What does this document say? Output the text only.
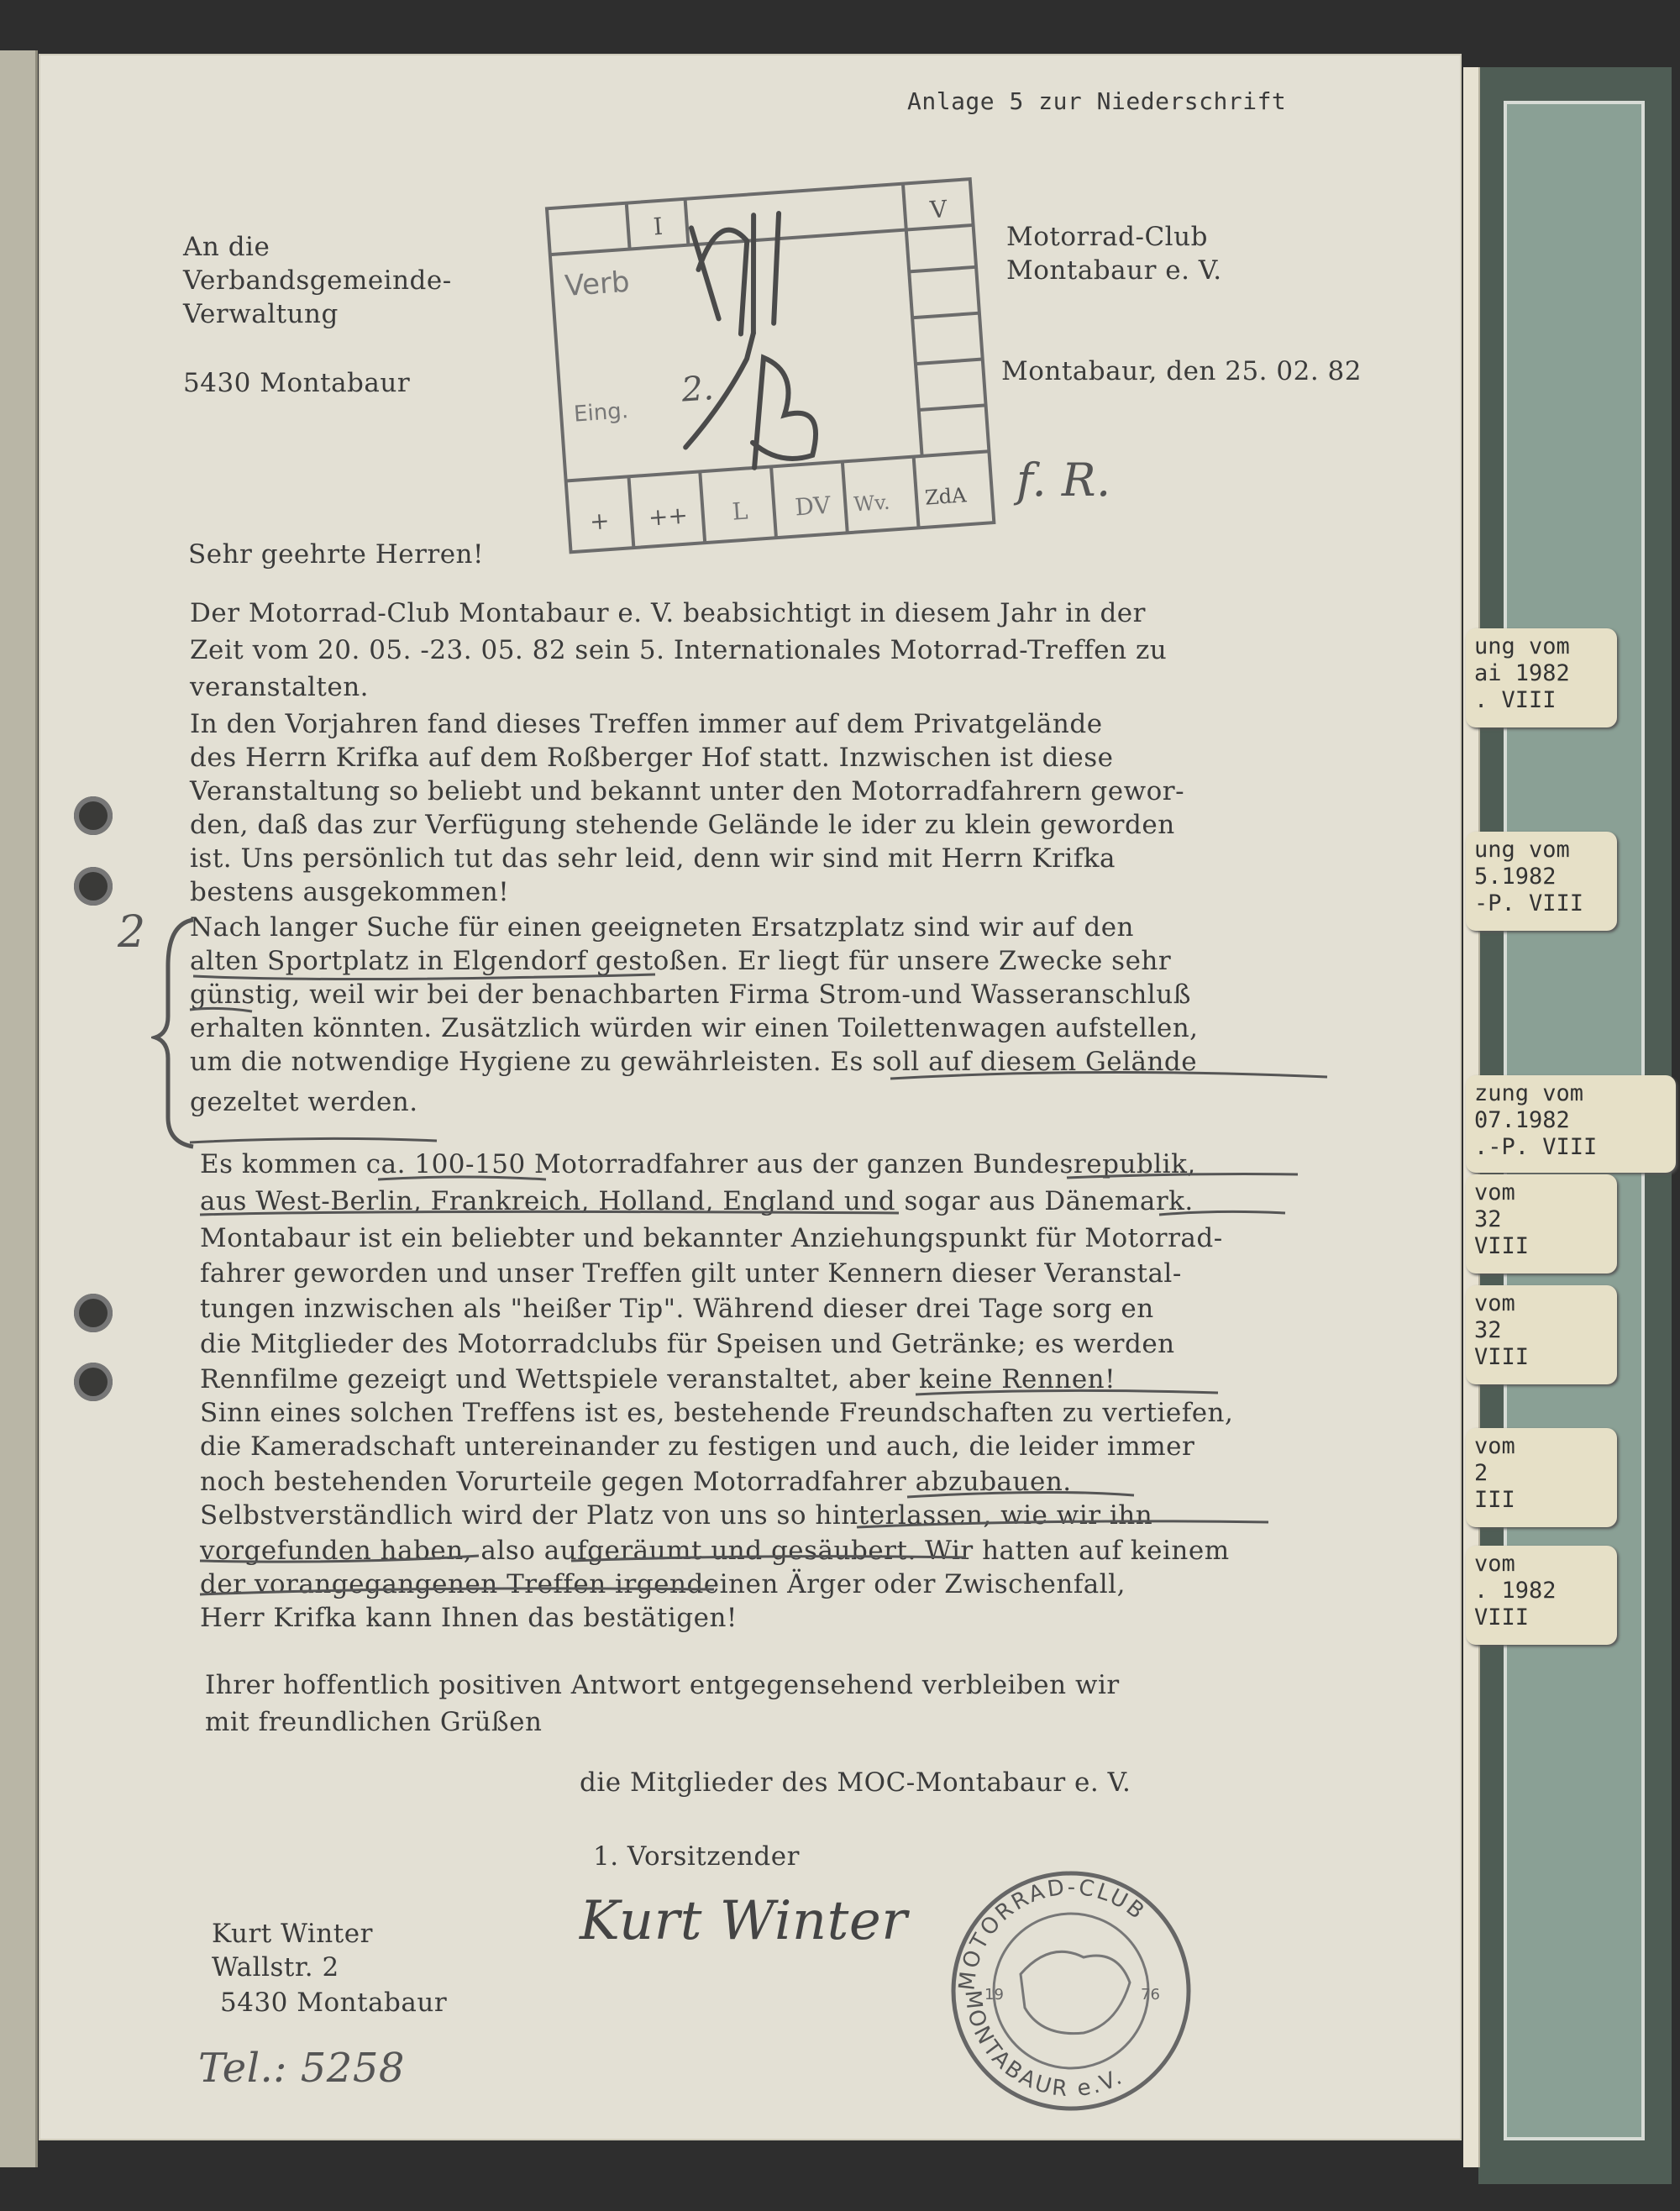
ung vom
ai 1982
. VIII
ung vom
5.1982
-P. VIII
zung vom
07.1982
.-P. VIII
vom
32
VIII
vom
32
VIII
vom
2
III
vom
. 1982
VIII
Anlage 5 zur Niederschrift
An die
Verbandsgemeinde-
Verwaltung
5430 Montabaur
Motorrad-Club
Montabaur e. V.
Montabaur, den 25. 02. 82
I
V
Verb
Eing.
2.
+ ++ L DV Wv. ZdA f. R.
2
Sehr geehrte Herren!
Der Motorrad-Club Montabaur e. V. beabsichtigt in diesem Jahr in der
Zeit vom 20. 05. -23. 05. 82 sein 5. Internationales Motorrad-Treffen zu
veranstalten.
In den Vorjahren fand dieses Treffen immer auf dem Privatgelände
des Herrn Krifka auf dem Roßberger Hof statt. Inzwischen ist diese
Veranstaltung so beliebt und bekannt unter den Motorradfahrern gewor-
den, daß das zur Verfügung stehende Gelände le ider zu klein geworden
ist. Uns persönlich tut das sehr leid, denn wir sind mit Herrn Krifka
bestens ausgekommen!
Nach langer Suche für einen geeigneten Ersatzplatz sind wir auf den
alten Sportplatz in Elgendorf gestoßen. Er liegt für unsere Zwecke sehr
günstig, weil wir bei der benachbarten Firma Strom-und Wasseranschluß
erhalten könnten. Zusätzlich würden wir einen Toilettenwagen aufstellen,
um die notwendige Hygiene zu gewährleisten. Es soll auf diesem Gelände
gezeltet werden.
Es kommen ca. 100-150 Motorradfahrer aus der ganzen Bundesrepublik,
aus West-Berlin, Frankreich, Holland, England und sogar aus Dänemark.
Montabaur ist ein beliebter und bekannter Anziehungspunkt für Motorrad-
fahrer geworden und unser Treffen gilt unter Kennern dieser Veranstal-
tungen inzwischen als "heißer Tip". Während dieser drei Tage sorg en
die Mitglieder des Motorradclubs für Speisen und Getränke; es werden
Rennfilme gezeigt und Wettspiele veranstaltet, aber keine Rennen!
Sinn eines solchen Treffens ist es, bestehende Freundschaften zu vertiefen,
die Kameradschaft untereinander zu festigen und auch, die leider immer
noch bestehenden Vorurteile gegen Motorradfahrer abzubauen.
Selbstverständlich wird der Platz von uns so hinterlassen, wie wir ihn
vorgefunden haben, also aufgeräumt und gesäubert. Wir hatten auf keinem
der vorangegangenen Treffen irgendeinen Ärger oder Zwischenfall,
Herr Krifka kann Ihnen das bestätigen!
Ihrer hoffentlich positiven Antwort entgegensehend verbleiben wir
mit freundlichen Grüßen
die Mitglieder des MOC-Montabaur e. V.
1. Vorsitzender
Kurt Winter
MOTORRAD-CLUB
MONTABAUR e.V.
19	76
Kurt Winter
Wallstr. 2
5430 Montabaur
Tel.: 5258
